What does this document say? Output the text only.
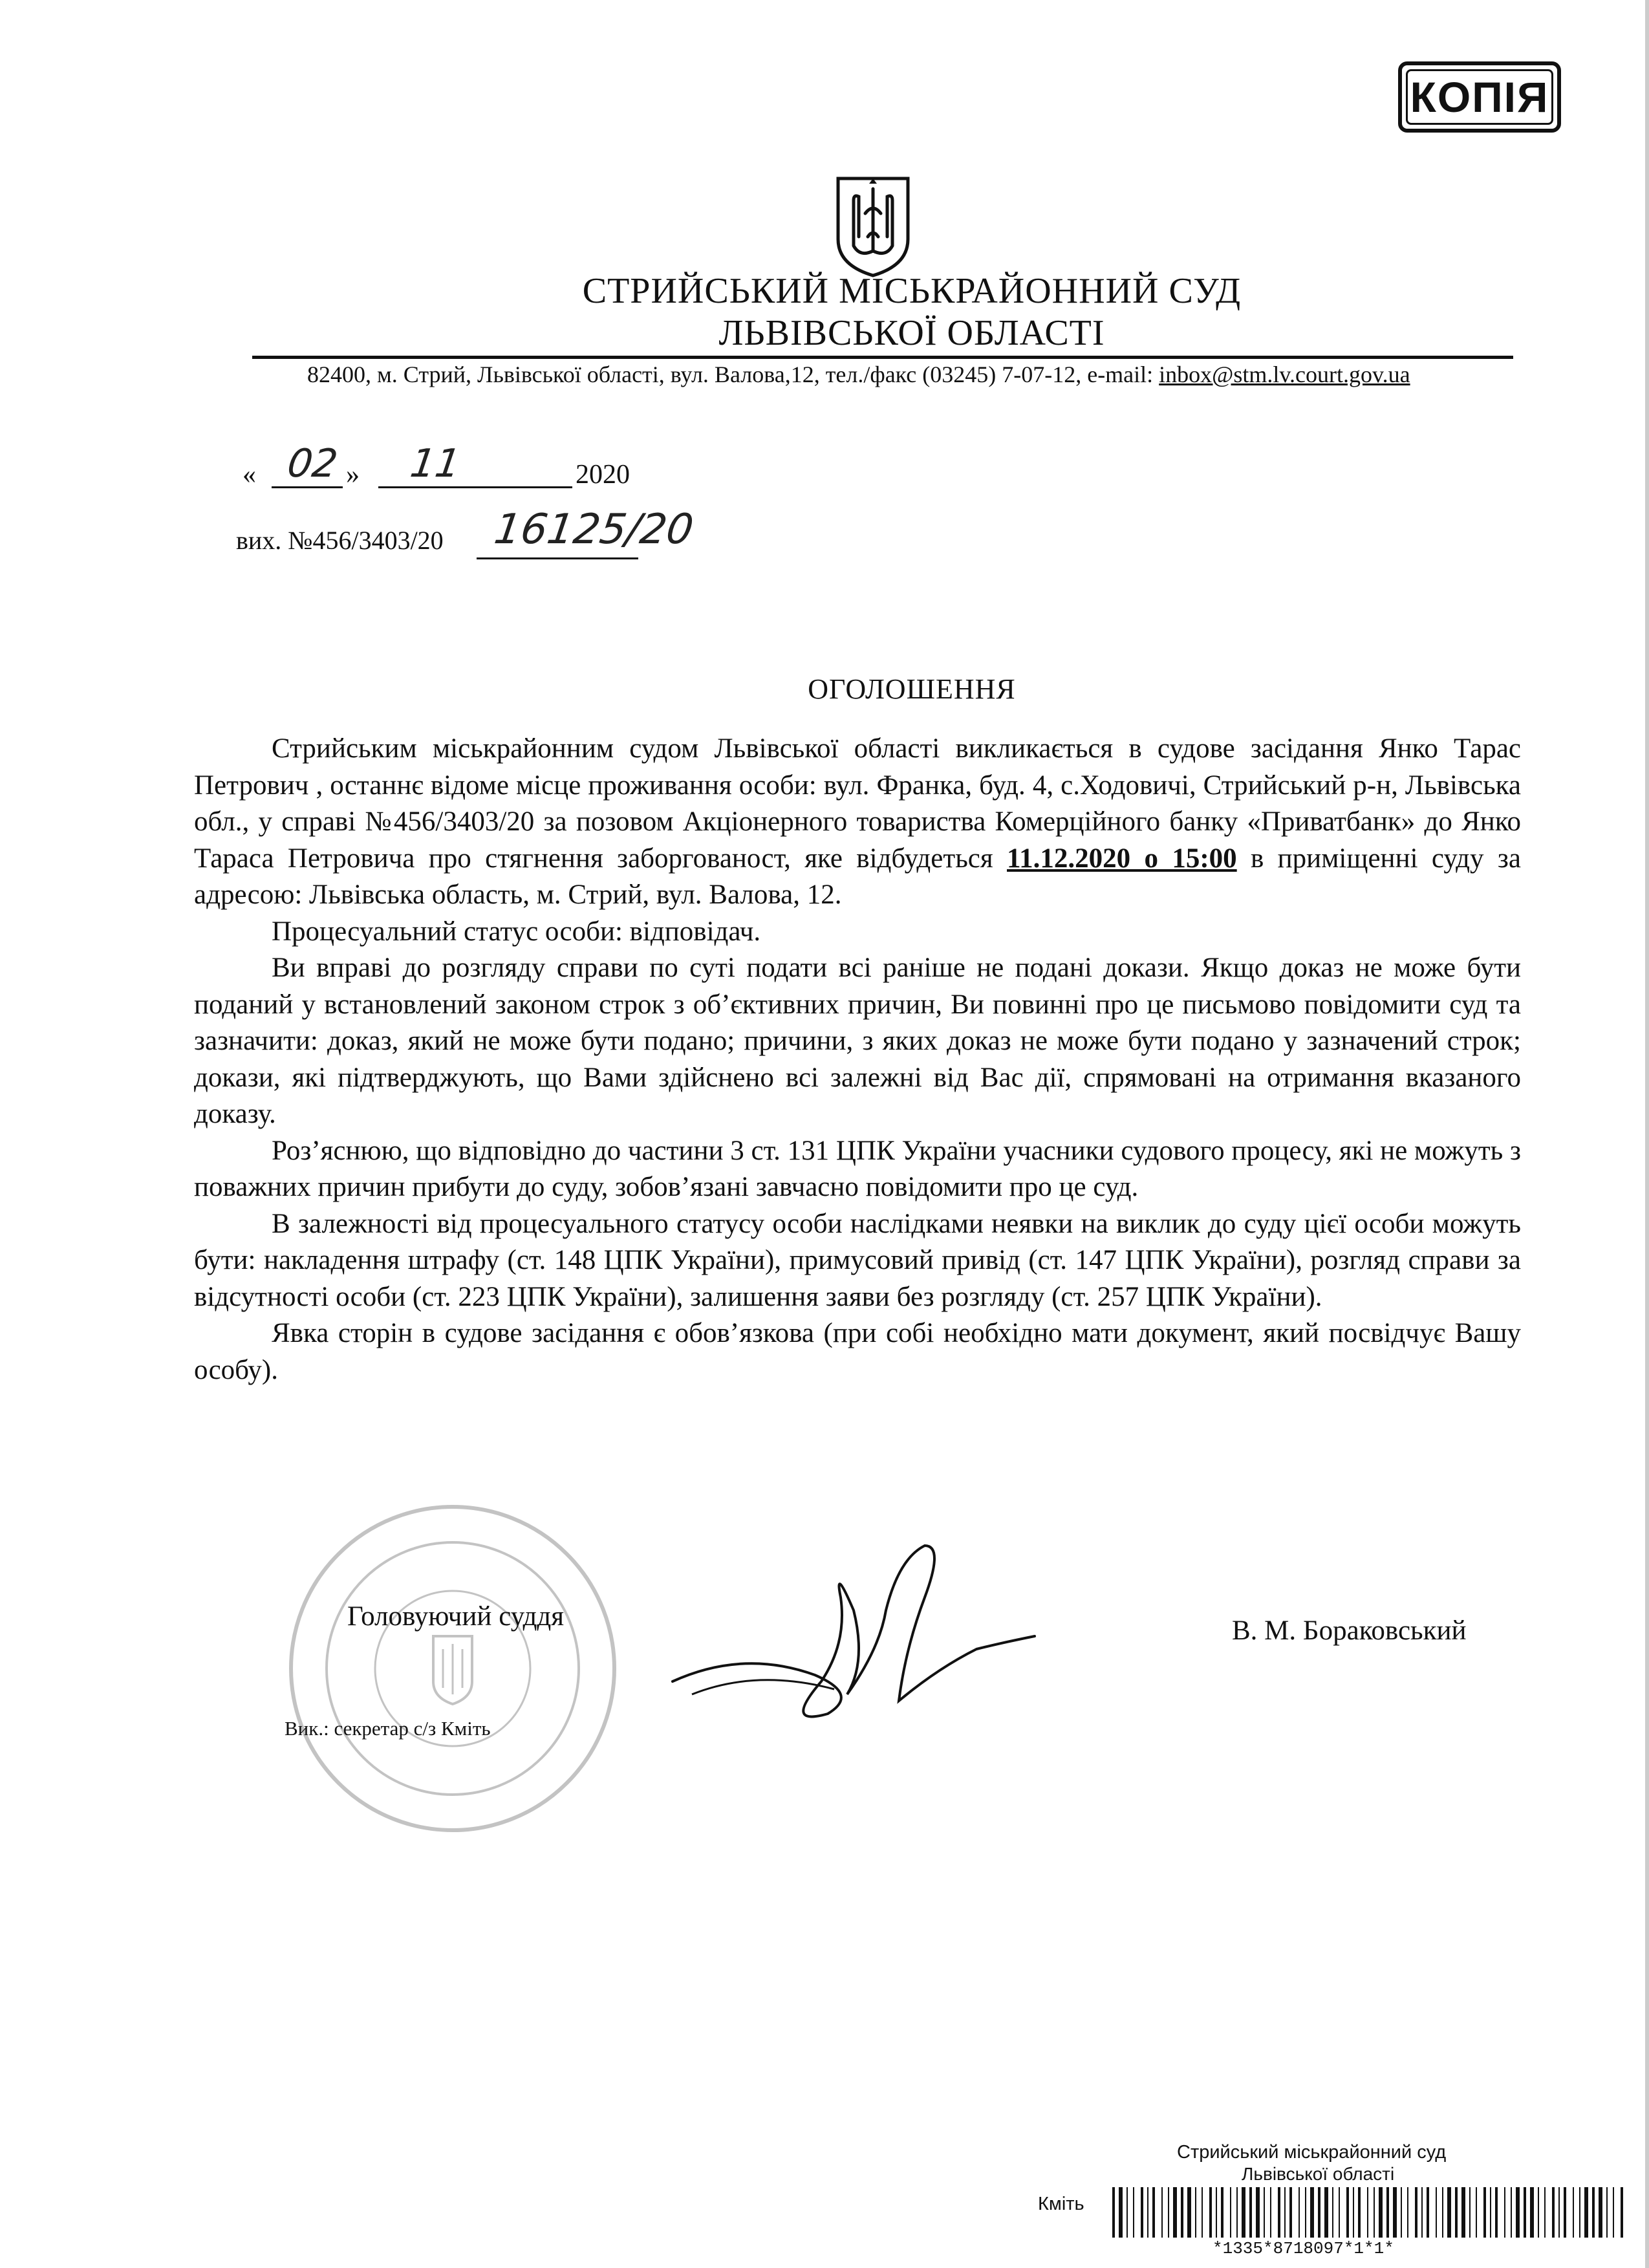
КОПІЯ
СТРИЙСЬКИЙ МІСЬКРАЙОННИЙ СУД
ЛЬВІВСЬКОЇ ОБЛАСТІ
82400, м. Стрий, Львівської області, вул. Валова,12, тел./факс (03245) 7-07-12, e-mail: inbox@stm.lv.court.gov.ua
« 02 » 11	2020
вих. №456/3403/20 16125/20
ОГОЛОШЕННЯ

Стрийським міськрайонним судом Львівської області викликається в судове засідання Янко Тарас Петрович , останнє відоме місце проживання особи: вул. Франка, буд. 4, с.Ходовичі, Стрийський р-н, Львівська обл., у справі №456/3403/20 за позовом Акціонерного товариства Комерційного банку «Приватбанк» до Янко Тараса Петровича про стягнення заборгованост, яке відбудеться 11.12.2020 о 15:00 в приміщенні суду за адресою: Львівська область, м. Стрий, вул. Валова, 12.

Процесуальний статус особи: відповідач.

Ви вправі до розгляду справи по суті подати всі раніше не подані докази. Якщо доказ не може бути поданий у встановлений законом строк з об’єктивних причин, Ви повинні про це письмово повідомити суд та зазначити: доказ, який не може бути подано; причини, з яких доказ не може бути подано у зазначений строк; докази, які підтверджують, що Вами здійснено всі залежні від Вас дії, спрямовані на отримання вказаного доказу.

Роз’яснюю, що відповідно до частини 3 ст. 131 ЦПК України учасники судового процесу, які не можуть з поважних причин прибути до суду, зобов’язані завчасно повідомити про це суд.

В залежності від процесуального статусу особи наслідками неявки на виклик до суду цієї особи можуть бути: накладення штрафу (ст. 148 ЦПК України), примусовий привід (ст. 147 ЦПК України), розгляд справи за відсутності особи (ст. 223 ЦПК України), залишення заяви без розгляду (ст. 257 ЦПК України).

Явка сторін в судове засідання є обов’язкова (при собі необхідно мати документ, який посвідчує Вашу особу).

Головуючий суддя	В. М. Бораковський
Вик.: секретар с/з Кміть
Стрийський міськрайонний суд
Львівської області
Кміть
*1335*8718097*1*1*
